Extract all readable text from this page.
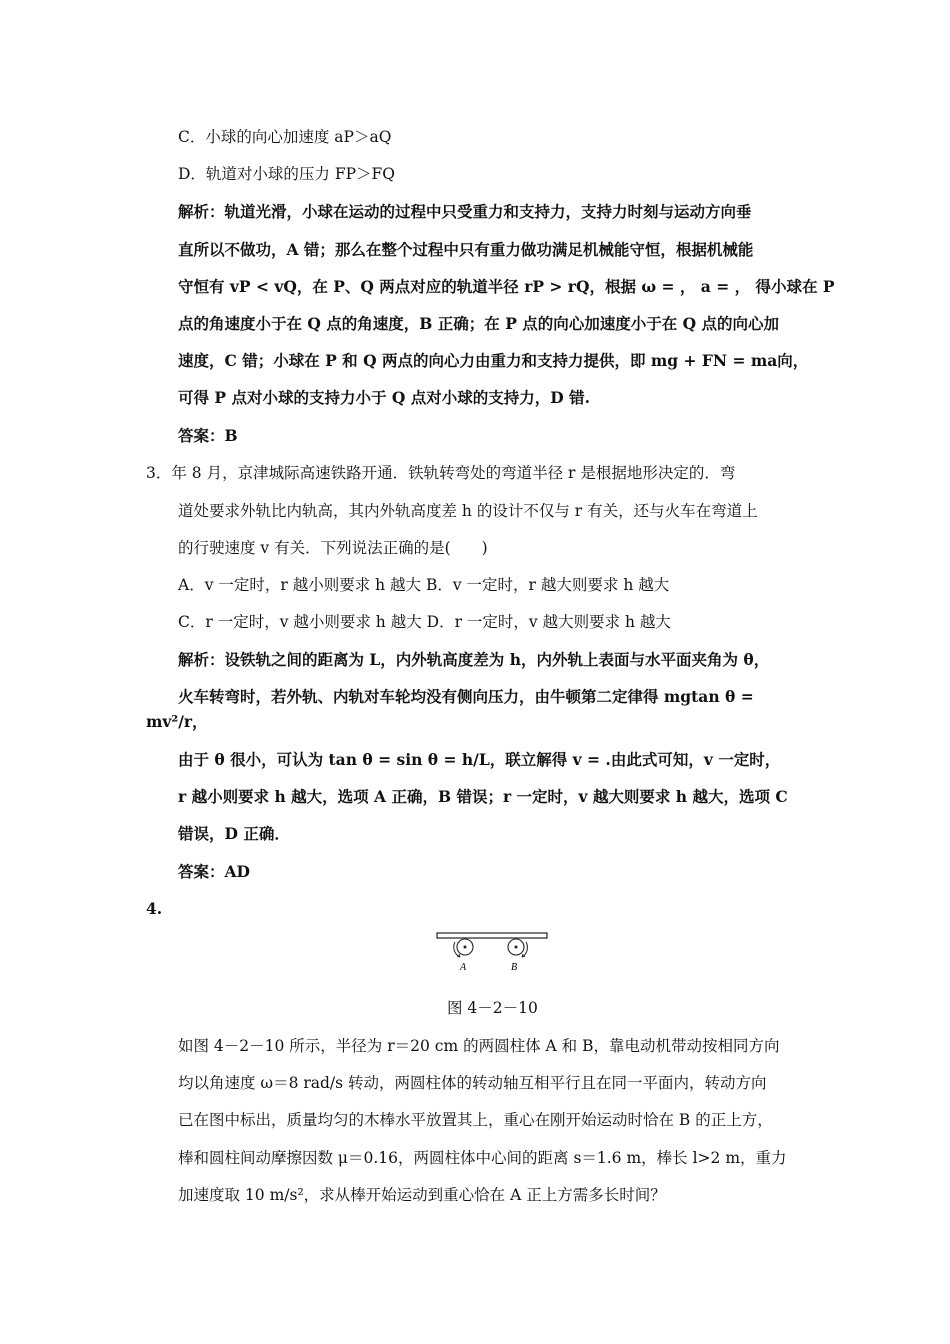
C．小球的向心加速度 aP＞aQ
D．轨道对小球的压力 FP＞FQ
解析：轨道光滑，小球在运动的过程中只受重力和支持力，支持力时刻与运动方向垂
直所以不做功，A 错；那么在整个过程中只有重力做功满足机械能守恒，根据机械能
守恒有 vP < vQ，在 P、Q 两点对应的轨道半径 rP > rQ，根据 ω = ， a = ， 得小球在 P
点的角速度小于在 Q 点的角速度，B 正确；在 P 点的向心加速度小于在 Q 点的向心加
速度，C 错；小球在 P 和 Q 两点的向心力由重力和支持力提供，即 mg + FN = ma向，
可得 P 点对小球的支持力小于 Q 点对小球的支持力，D 错.
答案：B
3．年 8 月，京津城际高速铁路开通．铁轨转弯处的弯道半径 r 是根据地形决定的．弯
道处要求外轨比内轨高，其内外轨高度差 h 的设计不仅与 r 有关，还与火车在弯道上
的行驶速度 v 有关．下列说法正确的是(　　)
A．v 一定时，r 越小则要求 h 越大 B．v 一定时，r 越大则要求 h 越大
C．r 一定时，v 越小则要求 h 越大 D．r 一定时，v 越大则要求 h 越大
解析：设铁轨之间的距离为 L，内外轨高度差为 h，内外轨上表面与水平面夹角为 θ，
火车转弯时，若外轨、内轨对车轮均没有侧向压力，由牛顿第二定律得 mgtan θ =
mv²/r，
由于 θ 很小，可认为 tan θ = sin θ = h/L，联立解得 v = .由此式可知，v 一定时，
r 越小则要求 h 越大，选项 A 正确，B 错误；r 一定时，v 越大则要求 h 越大，选项 C
错误，D 正确．
答案：AD
4.
A	B
图 4－2－10
如图 4－2－10 所示，半径为 r＝20 cm 的两圆柱体 A 和 B，靠电动机带动按相同方向
均以角速度 ω＝8 rad/s 转动，两圆柱体的转动轴互相平行且在同一平面内，转动方向
已在图中标出，质量均匀的木棒水平放置其上，重心在刚开始运动时恰在 B 的正上方，
棒和圆柱间动摩擦因数 μ＝0.16，两圆柱体中心间的距离 s＝1.6 m，棒长 l>2 m，重力
加速度取 10 m/s²，求从棒开始运动到重心恰在 A 正上方需多长时间？
